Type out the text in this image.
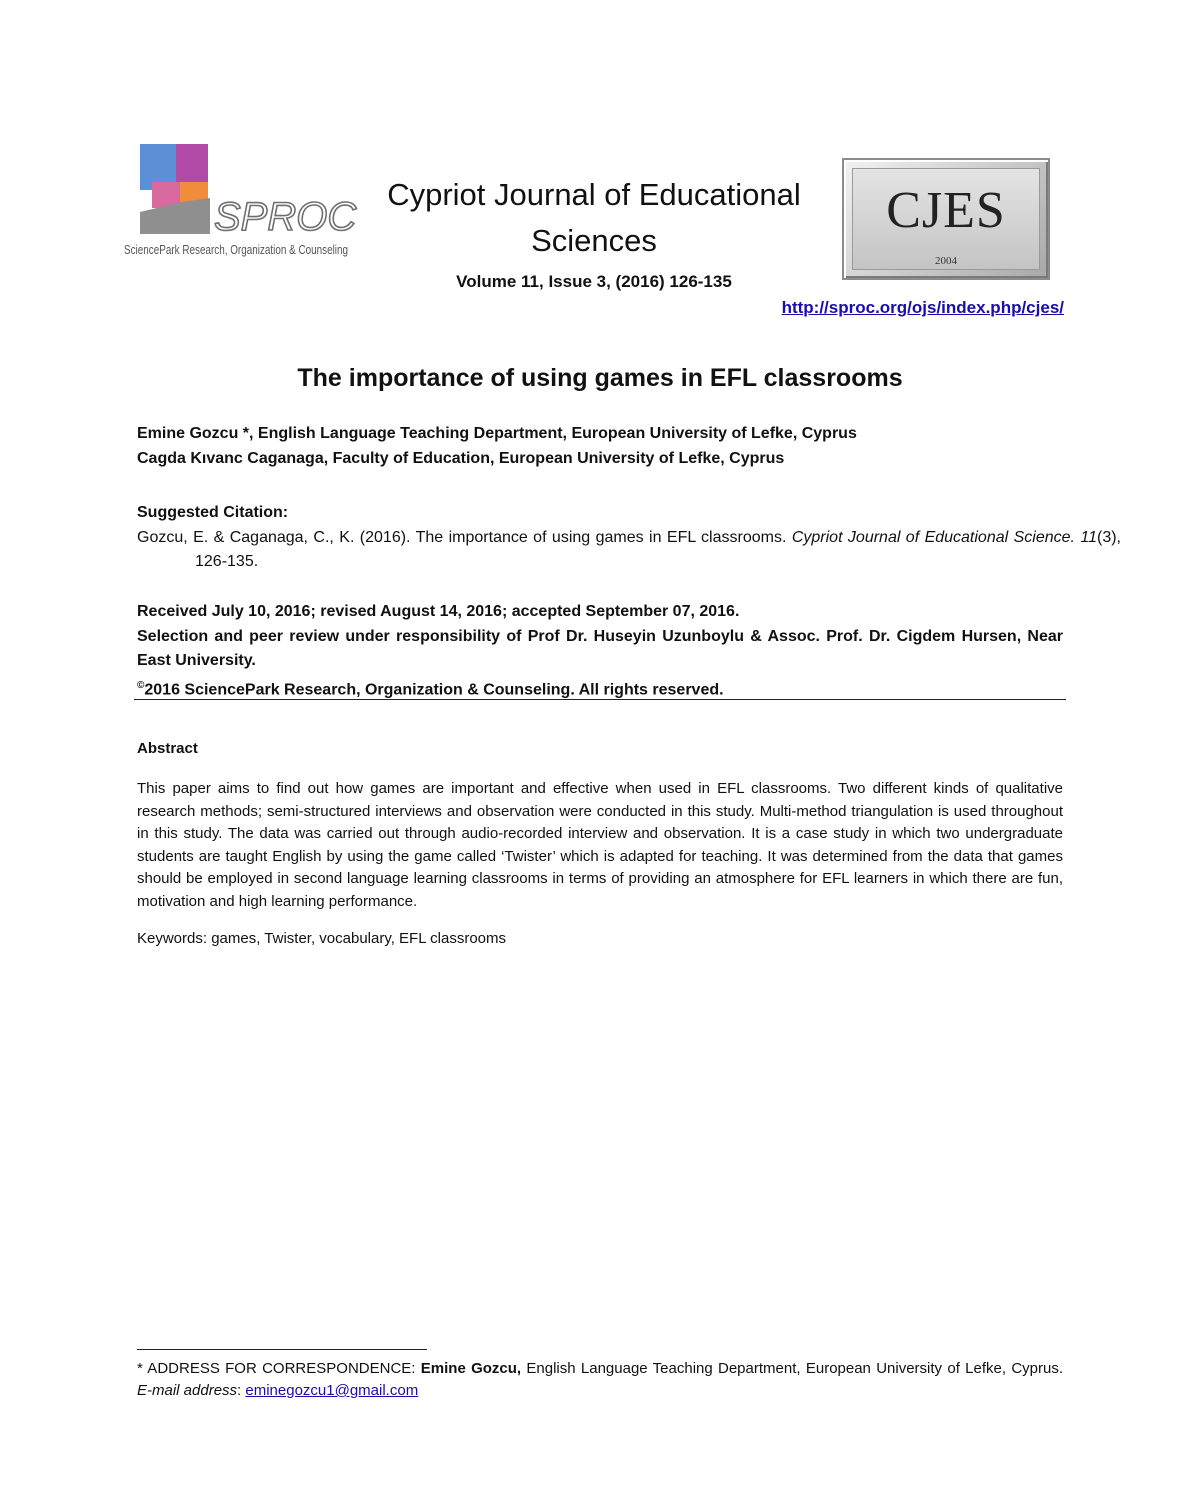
SPROC
SciencePark Research, Organization & Counseling
Cypriot Journal of Educational
Sciences
Volume 11, Issue 3, (2016) 126-135
CJES
2004
http://sproc.org/ojs/index.php/cjes/
The importance of using games in EFL classrooms
Emine Gozcu *, English Language Teaching Department, European University of Lefke, Cyprus
Cagda Kıvanc Caganaga, Faculty of Education, European University of Lefke, Cyprus
Suggested Citation:
Gozcu, E. & Caganaga, C., K. (2016). The importance of using games in EFL classrooms. Cypriot Journal of Educational Science. 11(3), 126-135.
Received July 10, 2016; revised August 14, 2016; accepted September 07, 2016.
Selection and peer review under responsibility of Prof Dr. Huseyin Uzunboylu & Assoc. Prof. Dr. Cigdem Hursen, Near East University.
©2016 SciencePark Research, Organization & Counseling. All rights reserved.
Abstract
This paper aims to find out how games are important and effective when used in EFL classrooms. Two different kinds of qualitative research methods; semi-structured interviews and observation were conducted in this study. Multi-method triangulation is used throughout in this study. The data was carried out through audio-recorded interview and observation. It is a case study in which two undergraduate students are taught English by using the game called ‘Twister’ which is adapted for teaching. It was determined from the data that games should be employed in second language learning classrooms in terms of providing an atmosphere for EFL learners in which there are fun, motivation and high learning performance.
Keywords: games, Twister, vocabulary, EFL classrooms
* ADDRESS FOR CORRESPONDENCE: Emine Gozcu, English Language Teaching Department, European University of Lefke, Cyprus. E-mail address: eminegozcu1@gmail.com
